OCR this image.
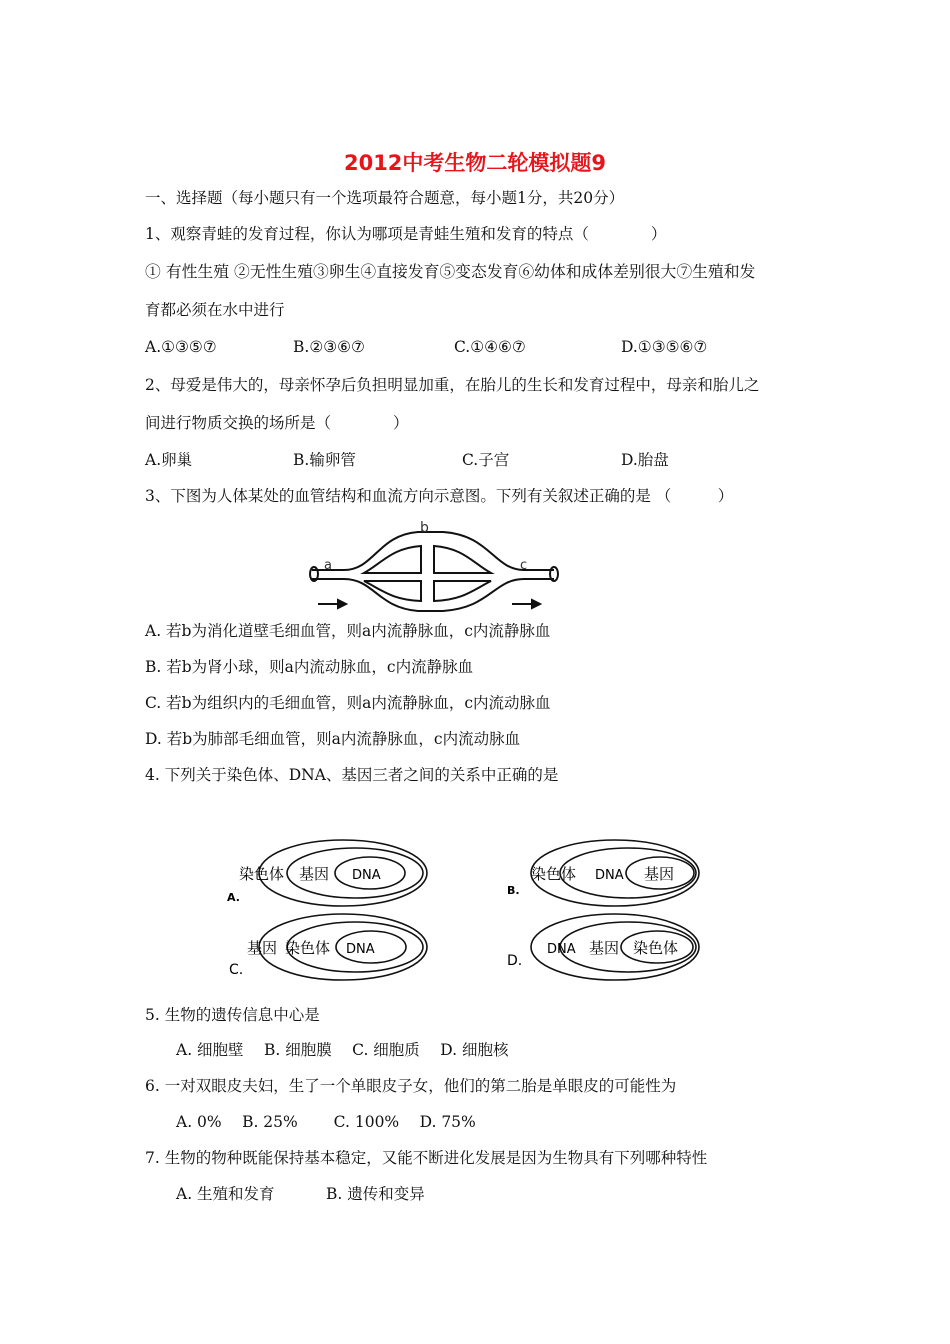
2012中考生物二轮模拟题9
一、选择题（每小题只有一个选项最符合题意，每小题1分，共20分）
1、观察青蛙的发育过程，你认为哪项是青蛙生殖和发育的特点（　　　　）
① 有性生殖 ②无性生殖③卵生④直接发育⑤变态发育⑥幼体和成体差别很大⑦生殖和发
育都必须在水中进行
A.①③⑤⑦	B.②③⑥⑦	C.①④⑥⑦	D.①③⑤⑥⑦
2、母爱是伟大的，母亲怀孕后负担明显加重，在胎儿的生长和发育过程中，母亲和胎儿之
间进行物质交换的场所是（　　　　）
A.卵巢	B.输卵管	C.子宫	D.胎盘
3、下图为人体某处的血管结构和血流方向示意图。下列有关叙述正确的是 （　　　）
a
b
c
A. 若b为消化道壁毛细血管，则a内流静脉血，c内流静脉血
B. 若b为肾小球，则a内流动脉血，c内流静脉血
C. 若b为组织内的毛细血管，则a内流静脉血，c内流动脉血
D. 若b为肺部毛细血管，则a内流静脉血，c内流动脉血
4. 下列关于染色体、DNA、基因三者之间的关系中正确的是
染色体 基因 DNA
A.
染色体 DNA 基因
B.
基因 染色体 DNA
C.
DNA 基因 染色体
D.
5. 生物的遗传信息中心是
A. 细胞壁　 B. 细胞膜　 C. 细胞质　 D. 细胞核
6. 一对双眼皮夫妇，生了一个单眼皮子女，他们的第二胎是单眼皮的可能性为
A. 0%　 B. 25%　　 C. 100%　 D. 75%
7. 生物的物种既能保持基本稳定，又能不断进化发展是因为生物具有下列哪种特性
A. 生殖和发育　　　 B. 遗传和变异
